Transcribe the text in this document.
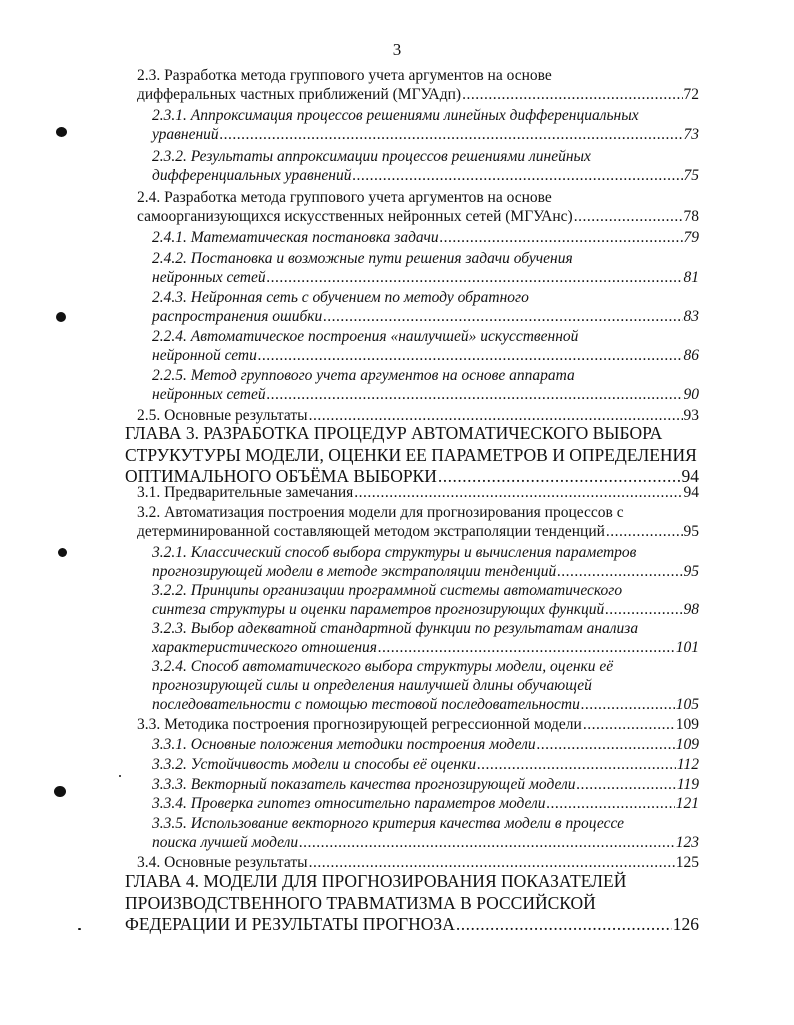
3
2.3. Разработка метода группового учета аргументов на основе
дифферальных частных приближений (МГУАдп) .....	72
2.3.1. Аппроксимация процессов решениями линейных дифференциальных
уравнений .....	73
2.3.2. Результаты аппроксимации процессов решениями линейных
дифференциальных уравнений .....	75
2.4. Разработка метода группового учета аргументов на основе
самоорганизующихся искусственных нейронных сетей (МГУАнс) .....	78
2.4.1. Математическая постановка задачи .....	79
2.4.2. Постановка и возможные пути решения задачи обучения
нейронных сетей .....	81
2.4.3. Нейронная сеть с обучением по методу обратного
распространения ошибки .....	83
2.2.4. Автоматическое построения «наилучшей» искусственной
нейронной сети .....	86
2.2.5. Метод группового учета аргументов на основе аппарата
нейронных сетей .....	90
2.5. Основные результаты .....	93
ГЛАВА 3. РАЗРАБОТКА ПРОЦЕДУР АВТОМАТИЧЕСКОГО ВЫБОРА
СТРУКУТУРЫ МОДЕЛИ, ОЦЕНКИ ЕЕ ПАРАМЕТРОВ И ОПРЕДЕЛЕНИЯ
ОПТИМАЛЬНОГО ОБЪЁМА ВЫБОРКИ .....	94
3.1. Предварительные замечания .....	94
3.2. Автоматизация построения модели для прогнозирования процессов с
детерминированной составляющей методом экстраполяции тенденций .....	95
3.2.1. Классический способ выбора структуры и вычисления параметров
прогнозирующей модели в методе экстраполяции тенденций .....	95
3.2.2. Принципы организации программной системы автоматического
синтеза структуры и оценки параметров прогнозирующих функций .....	98
3.2.3. Выбор адекватной стандартной функции по результатам анализа
характеристического отношения .....	101
3.2.4. Способ автоматического выбора структуры модели, оценки её
прогнозирующей силы и определения наилучшей длины обучающей
последовательности с помощью тестовой последовательности .....	105
3.3. Методика построения прогнозирующей регрессионной модели .....	109
3.3.1. Основные положения методики построения модели .....	109
3.3.2. Устойчивость модели и способы её оценки .....	112
3.3.3. Векторный показатель качества прогнозирующей модели .....	119
3.3.4. Проверка гипотез относительно параметров модели .....	121
3.3.5. Использование векторного критерия качества модели в процессе
поиска лучшей модели .....	123
3.4. Основные результаты .....	125
ГЛАВА 4. МОДЕЛИ ДЛЯ ПРОГНОЗИРОВАНИЯ ПОКАЗАТЕЛЕЙ
ПРОИЗВОДСТВЕННОГО ТРАВМАТИЗМА В РОССИЙСКОЙ
ФЕДЕРАЦИИ И РЕЗУЛЬТАТЫ ПРОГНОЗА .....	126
